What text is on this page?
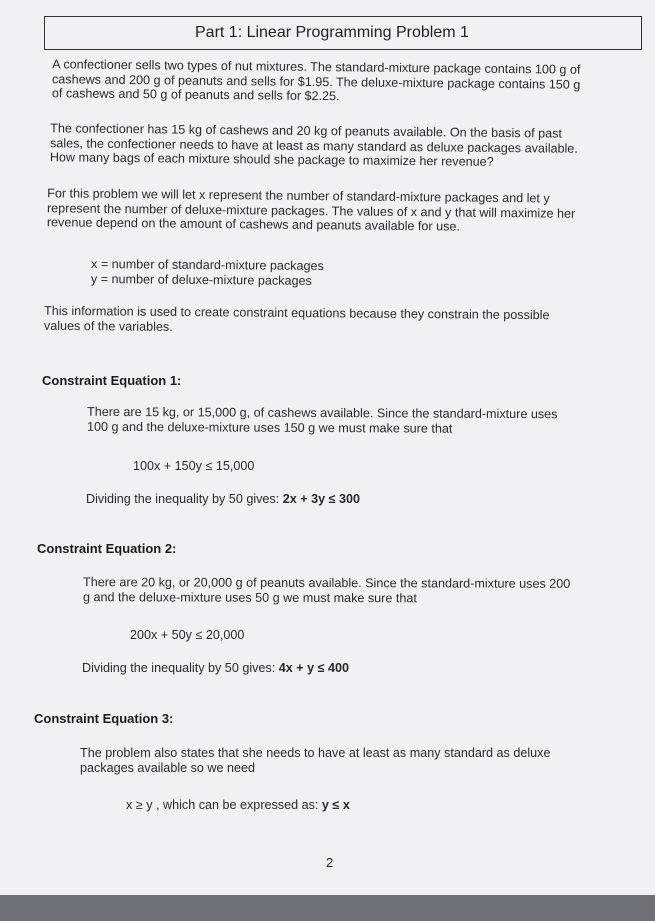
Part 1: Linear Programming Problem 1
A confectioner sells two types of nut mixtures. The standard-mixture package contains 100 g of
cashews and 200 g of peanuts and sells for $1.95. The deluxe-mixture package contains 150 g
of cashews and 50 g of peanuts and sells for $2.25.
The confectioner has 15 kg of cashews and 20 kg of peanuts available. On the basis of past
sales, the confectioner needs to have at least as many standard as deluxe packages available.
How many bags of each mixture should she package to maximize her revenue?
For this problem we will let x represent the number of standard-mixture packages and let y
represent the number of deluxe-mixture packages. The values of x and y that will maximize her
revenue depend on the amount of cashews and peanuts available for use.
x = number of standard-mixture packages
y = number of deluxe-mixture packages
This information is used to create constraint equations because they constrain the possible
values of the variables.
Constraint Equation 1:
There are 15 kg, or 15,000 g, of cashews available. Since the standard-mixture uses
100 g and the deluxe-mixture uses 150 g we must make sure that
100x + 150y ≤ 15,000
Dividing the inequality by 50 gives: 2x + 3y ≤ 300
Constraint Equation 2:
There are 20 kg, or 20,000 g of peanuts available. Since the standard-mixture uses 200
g and the deluxe-mixture uses 50 g we must make sure that
200x + 50y ≤ 20,000
Dividing the inequality by 50 gives: 4x + y ≤ 400
Constraint Equation 3:
The problem also states that she needs to have at least as many standard as deluxe
packages available so we need
x ≥ y , which can be expressed as: y ≤ x
2
